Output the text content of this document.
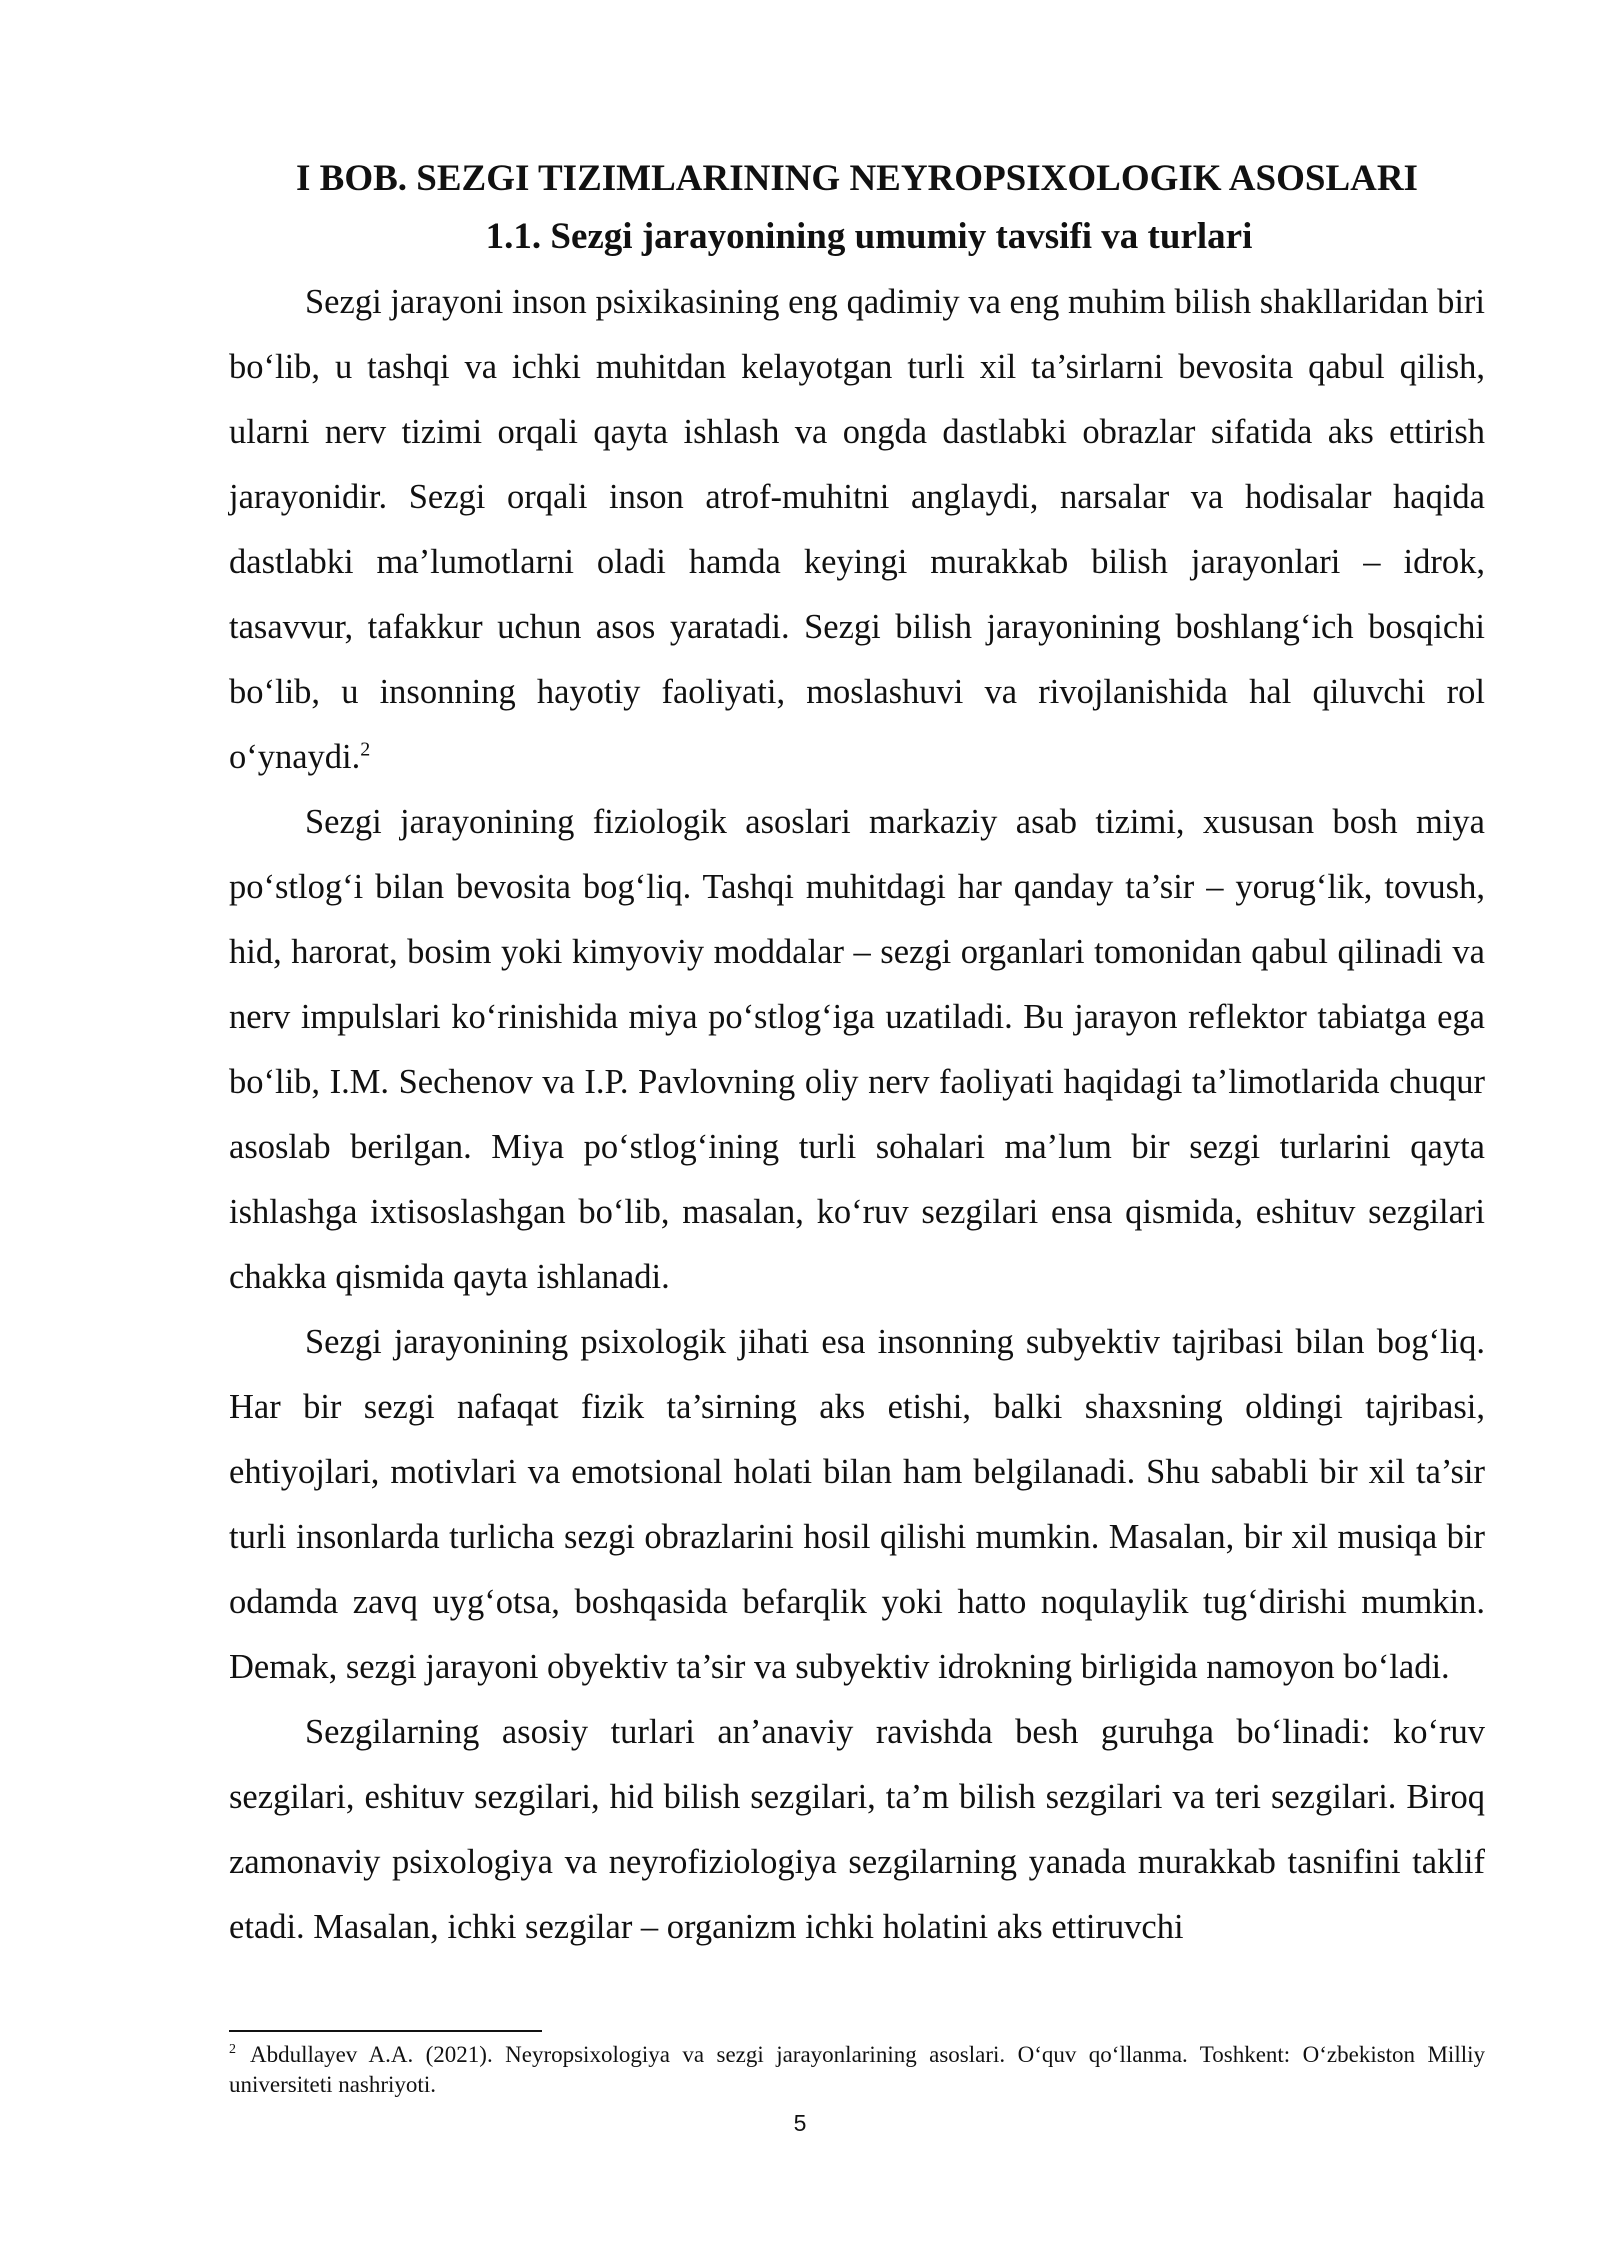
I BOB. SEZGI TIZIMLARINING NEYROPSIXOLOGIK ASOSLARI
1.1. Sezgi jarayonining umumiy tavsifi va turlari

Sezgi jarayoni inson psixikasining eng qadimiy va eng muhim bilish shakllaridan biri bo‘lib, u tashqi va ichki muhitdan kelayotgan turli xil ta’sirlarni bevosita qabul qilish, ularni nerv tizimi orqali qayta ishlash va ongda dastlabki obrazlar sifatida aks ettirish jarayonidir. Sezgi orqali inson atrof-muhitni anglaydi, narsalar va hodisalar haqida dastlabki ma’lumotlarni oladi hamda keyingi murakkab bilish jarayonlari – idrok, tasavvur, tafakkur uchun asos yaratadi. Sezgi bilish jarayonining boshlang‘ich bosqichi bo‘lib, u insonning hayotiy faoliyati, moslashuvi va rivojlanishida hal qiluvchi rol o‘ynaydi.$^2$

Sezgi jarayonining fiziologik asoslari markaziy asab tizimi, xususan bosh miya po‘stlog‘i bilan bevosita bog‘liq. Tashqi muhitdagi har qanday ta’sir – yorug‘lik, tovush, hid, harorat, bosim yoki kimyoviy moddalar – sezgi organlari tomonidan qabul qilinadi va nerv impulslari ko‘rinishida miya po‘stlog‘iga uzatiladi. Bu jarayon reflektor tabiatga ega bo‘lib, I.M. Sechenov va I.P. Pavlovning oliy nerv faoliyati haqidagi ta’limotlarida chuqur asoslab berilgan. Miya po‘stlog‘ining turli sohalari ma’lum bir sezgi turlarini qayta ishlashga ixtisoslashgan bo‘lib, masalan, ko‘ruv sezgilari ensa qismida, eshituv sezgilari chakka qismida qayta ishlanadi.

Sezgi jarayonining psixologik jihati esa insonning subyektiv tajribasi bilan bog‘liq. Har bir sezgi nafaqat fizik ta’sirning aks etishi, balki shaxsning oldingi tajribasi, ehtiyojlari, motivlari va emotsional holati bilan ham belgilanadi. Shu sababli bir xil ta’sir turli insonlarda turlicha sezgi obrazlarini hosil qilishi mumkin. Masalan, bir xil musiqa bir odamda zavq uyg‘otsa, boshqasida befarqlik yoki hatto noqulaylik tug‘dirishi mumkin. Demak, sezgi jarayoni obyektiv ta’sir va subyektiv idrokning birligida namoyon bo‘ladi.

Sezgilarning asosiy turlari an’anaviy ravishda besh guruhga bo‘linadi: ko‘ruv sezgilari, eshituv sezgilari, hid bilish sezgilari, ta’m bilish sezgilari va teri sezgilari. Biroq zamonaviy psixologiya va neyrofiziologiya sezgilarning yanada murakkab tasnifini taklif etadi. Masalan, ichki sezgilar – organizm ichki holatini aks ettiruvchi

$^2$ Abdullayev A.A. (2021). Neyropsixologiya va sezgi jarayonlarining asoslari. O‘quv qo‘llanma. Toshkent: O‘zbekiston Milliy universiteti nashriyoti.

5
